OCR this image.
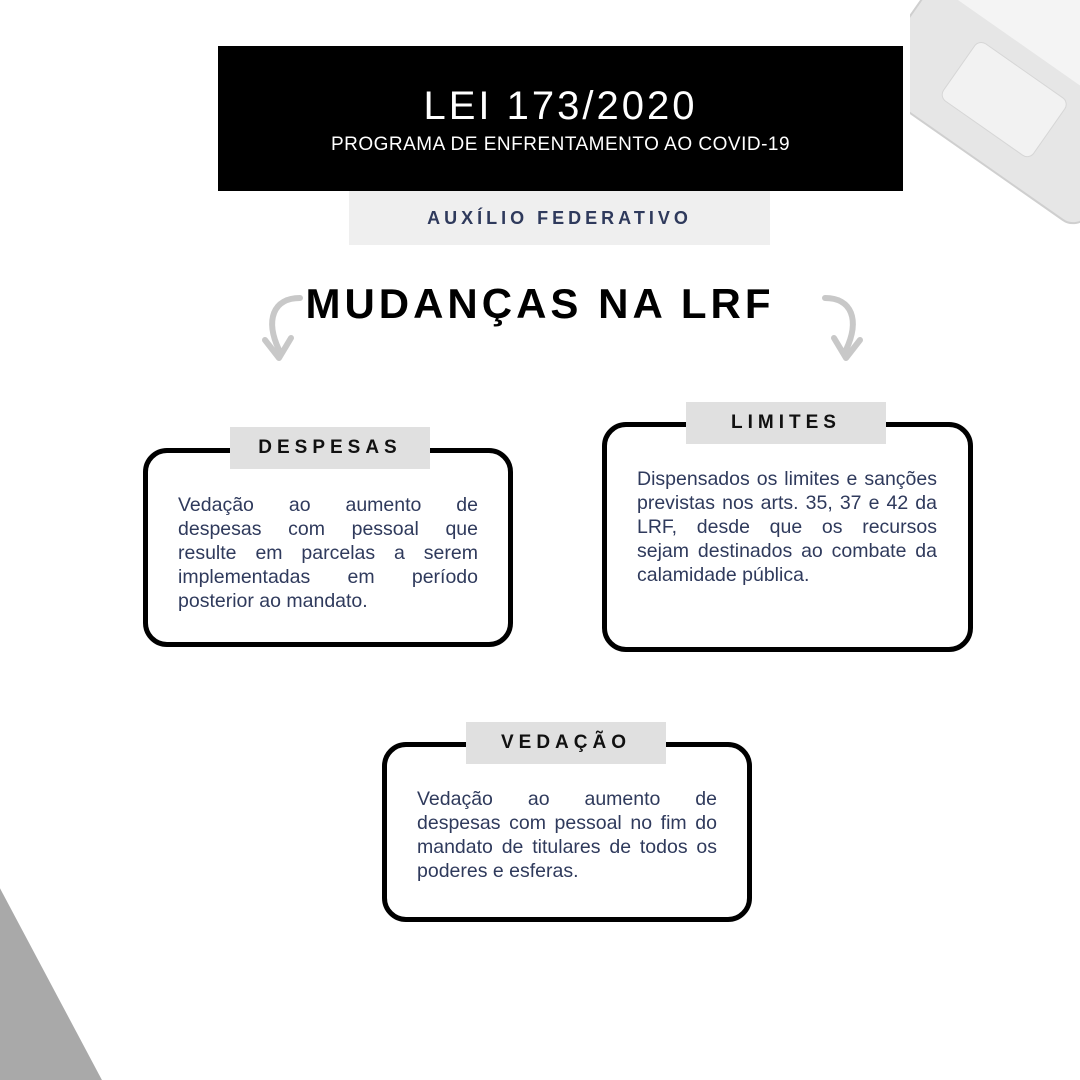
LEI 173/2020
PROGRAMA DE ENFRENTAMENTO AO COVID-19
AUXÍLIO FEDERATIVO
MUDANÇAS NA LRF
DESPESAS
Vedação ao aumento de despesas com pessoal que resulte em parcelas a serem implementadas em período posterior ao mandato.
LIMITES
Dispensados os limites e sanções previstas nos arts. 35, 37 e 42 da LRF, desde que os recursos sejam destinados ao combate da calamidade pública.
VEDAÇÃO
Vedação ao aumento de despesas com pessoal no fim do mandato de titulares de todos os poderes e esferas.
